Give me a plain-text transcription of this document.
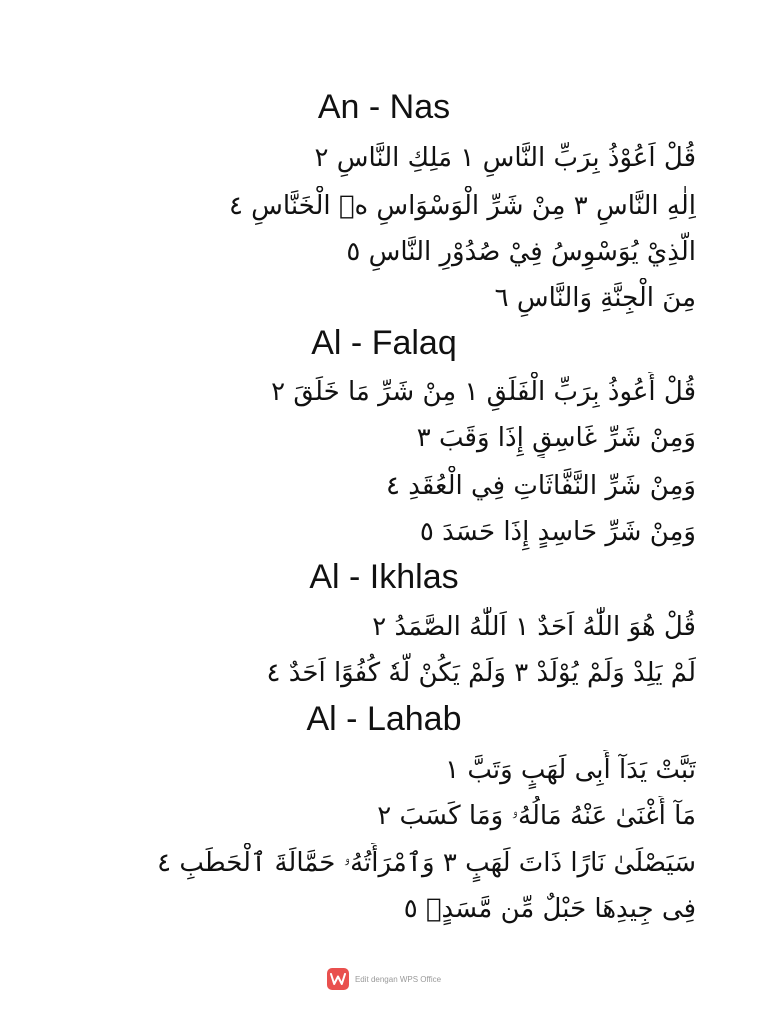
An - Nas
قُلْ اَعُوْذُ بِرَبِّ النَّاسِ ١ مَلِكِ النَّاسِ ٢
اِلٰهِ النَّاسِ ٣ مِنْ شَرِّ الْوَسْوَاسِ ەۙ الْخَنَّاسِ ٤
الَّذِيْ يُوَسْوِسُ فِيْ صُدُوْرِ النَّاسِ ٥
مِنَ الْجِنَّةِ وَالنَّاسِ ٦
Al - Falaq
قُلْ أَعُوذُ بِرَبِّ الْفَلَقِ ١ مِنْ شَرِّ مَا خَلَقَ ٢
وَمِنْ شَرِّ غَاسِقٍ إِذَا وَقَبَ ٣
وَمِنْ شَرِّ النَّفَّاثَاتِ فِي الْعُقَدِ ٤
وَمِنْ شَرِّ حَاسِدٍ إِذَا حَسَدَ ٥
Al - Ikhlas
قُلْ هُوَ اللّٰهُ اَحَدٌ ١ اَللّٰهُ الصَّمَدُ ٢
لَمْ يَلِدْ وَلَمْ يُوْلَدْ ٣ وَلَمْ يَكُنْ لَّهٗ كُفُوًا اَحَدٌ ٤
Al - Lahab
تَبَّتْ يَدَآ أَبِى لَهَبٍ وَتَبَّ ١
مَآ أَغْنَىٰ عَنْهُ مَالُهُۥ وَمَا كَسَبَ ٢
سَيَصْلَىٰ نَارًا ذَاتَ لَهَبٍ ٣ وَٱمْرَأَتُهُۥ حَمَّالَةَ ٱلْحَطَبِ ٤
فِى جِيدِهَا حَبْلٌ مِّن مَّسَدٍۭ ٥
Edit dengan WPS Office
